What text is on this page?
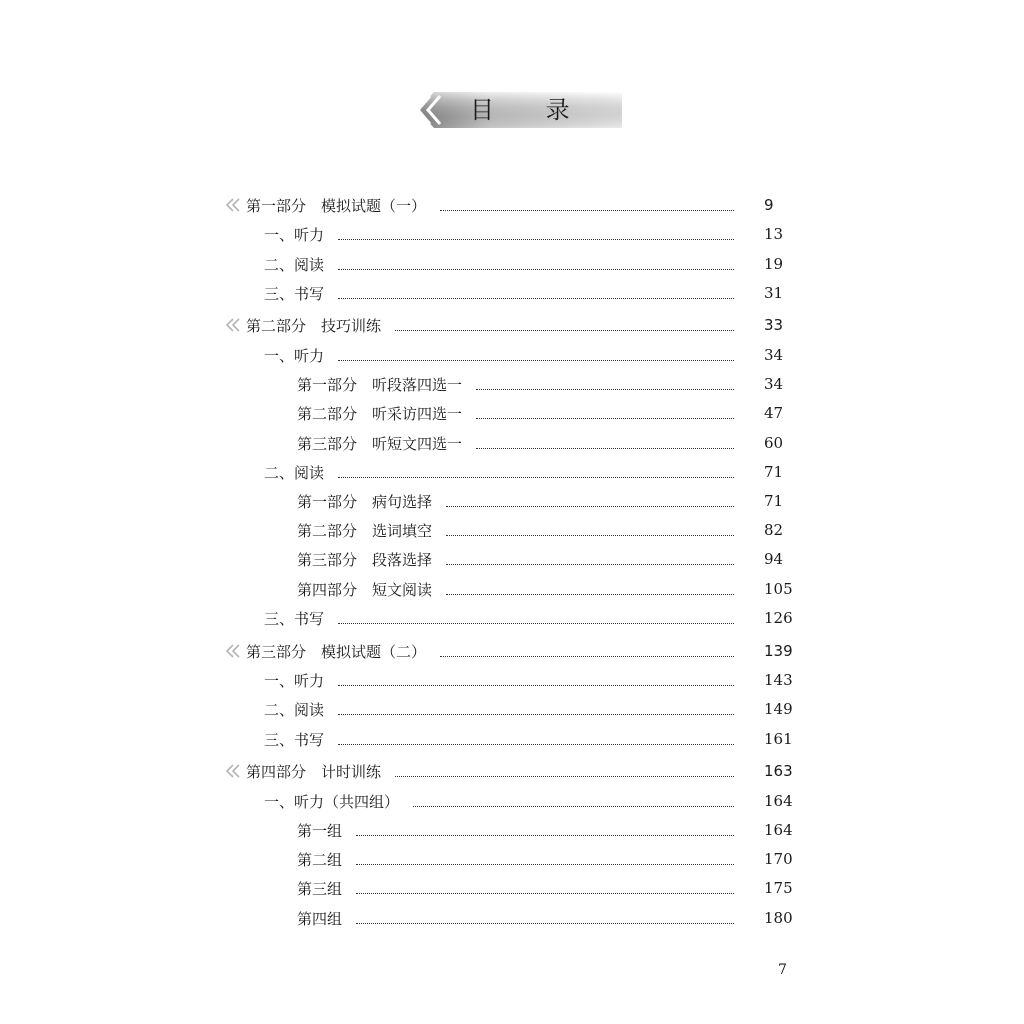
目 录
第一部分　模拟试题（一）	9
一、听力	13
二、阅读	19
三、书写	31
第二部分　技巧训练	33
一、听力	34
第一部分　听段落四选一	34
第二部分　听采访四选一	47
第三部分　听短文四选一	60
二、阅读	71
第一部分　病句选择	71
第二部分　选词填空	82
第三部分　段落选择	94
第四部分　短文阅读	105
三、书写	126
第三部分　模拟试题（二）	139
一、听力	143
二、阅读	149
三、书写	161
第四部分　计时训练	163
一、听力（共四组）	164
第一组	164
第二组	170
第三组	175
第四组	180
7
